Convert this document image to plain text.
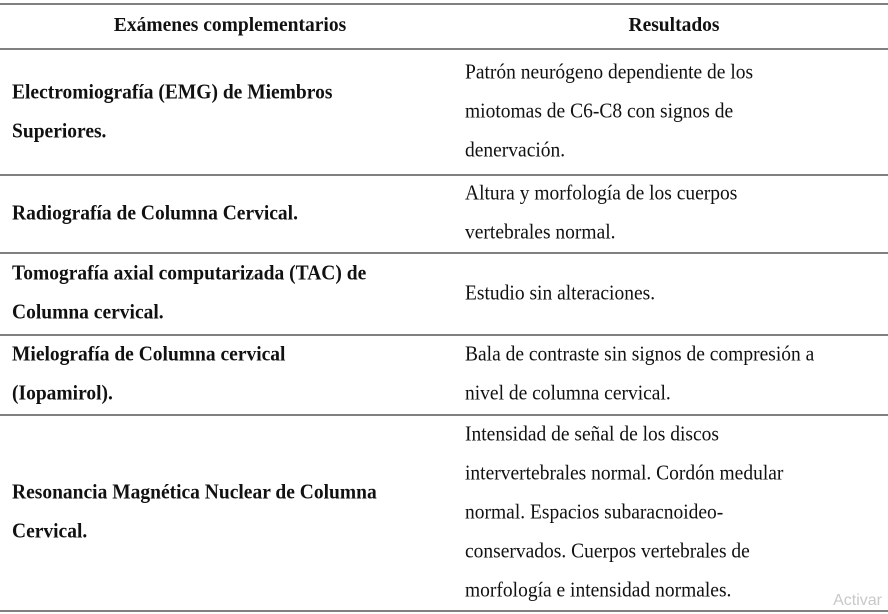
Exámenes complementarios	Resultados
Electromiografía (EMG) de Miembros
Superiores.
Patrón neurógeno dependiente de los
miotomas de C6-C8 con signos de
denervación.
Radiografía de Columna Cervical.
Altura y morfología de los cuerpos
vertebrales normal.
Tomografía axial computarizada (TAC) de
Columna cervical.
Estudio sin alteraciones.
Mielografía de Columna cervical
(Iopamirol).
Bala de contraste sin signos de compresión a
nivel de columna cervical.
Resonancia Magnética Nuclear de Columna
Cervical.
Intensidad de señal de los discos
intervertebrales normal. Cordón medular
normal. Espacios subaracnoideo-
conservados. Cuerpos vertebrales de
morfología e intensidad normales.	Activar
